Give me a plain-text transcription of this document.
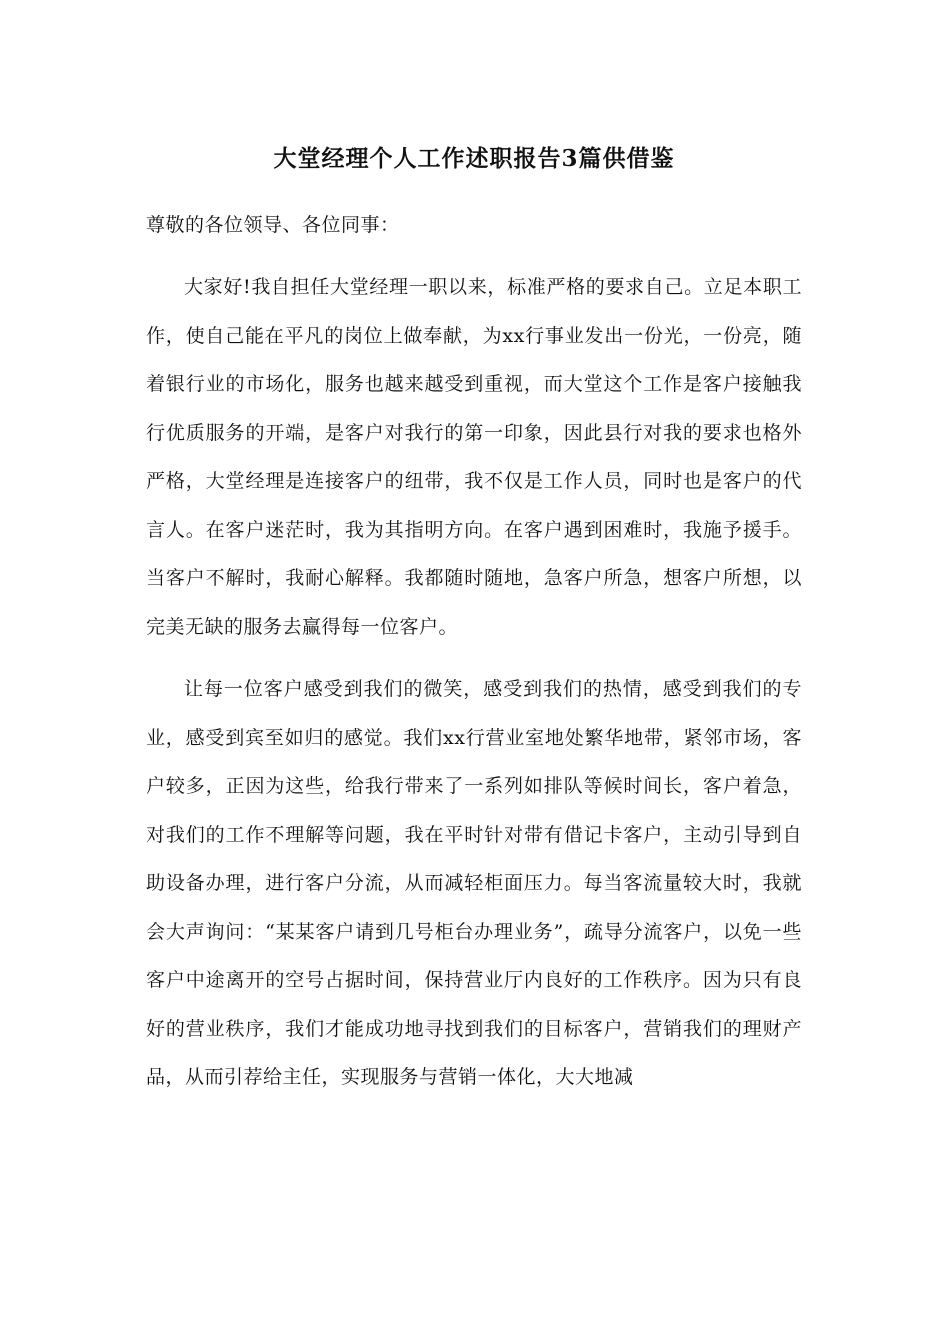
大堂经理个人工作述职报告3篇供借鉴

尊敬的各位领导、各位同事：

大家好!我自担任大堂经理一职以来，标准严格的要求自己。立足本职工作，使自己能在平凡的岗位上做奉献，为xx行事业发出一份光，一份亮，随着银行业的市场化，服务也越来越受到重视，而大堂这个工作是客户接触我行优质服务的开端，是客户对我行的第一印象，因此县行对我的要求也格外严格，大堂经理是连接客户的纽带，我不仅是工作人员，同时也是客户的代言人。在客户迷茫时，我为其指明方向。在客户遇到困难时，我施予援手。当客户不解时，我耐心解释。我都随时随地，急客户所急，想客户所想，以完美无缺的服务去赢得每一位客户。

让每一位客户感受到我们的微笑，感受到我们的热情，感受到我们的专业，感受到宾至如归的感觉。我们xx行营业室地处繁华地带，紧邻市场，客户较多，正因为这些，给我行带来了一系列如排队等候时间长，客户着急，对我们的工作不理解等问题，我在平时针对带有借记卡客户，主动引导到自助设备办理，进行客户分流，从而减轻柜面压力。每当客流量较大时，我就会大声询问：“某某客户请到几号柜台办理业务”，疏导分流客户，以免一些客户中途离开的空号占据时间，保持营业厅内良好的工作秩序。因为只有良好的营业秩序，我们才能成功地寻找到我们的目标客户，营销我们的理财产品，从而引荐给主任，实现服务与营销一体化，大大地减
